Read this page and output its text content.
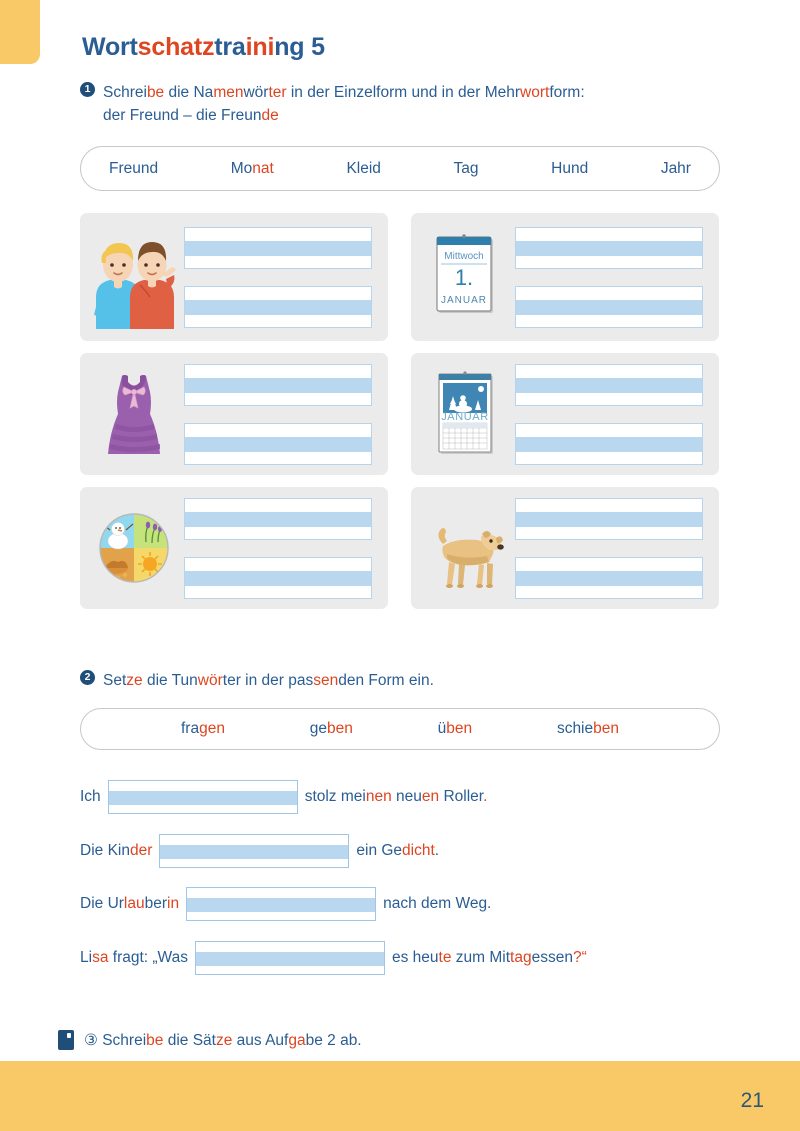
Wortschatztraining 5
1 Schreibe die Namenwörter in der Einzelform und in der Mehrwortform:
der Freund – die Freunde
Freund	Monat	Kleid	Tag	Hund	Jahr
Mittwoch
1.
JANUAR
JANUAR
2 Setze die Tunwörter in der passenden Form ein.
fragen	geben	üben	schieben
Ich	stolz meinen neuen Roller.
Die Kinder	ein Gedicht.
Die Urlauberin	nach dem Weg.
Lisa fragt: „Was	es heute zum Mittagessen?“
③ Schreibe die Sätze aus Aufgabe 2 ab.
21
